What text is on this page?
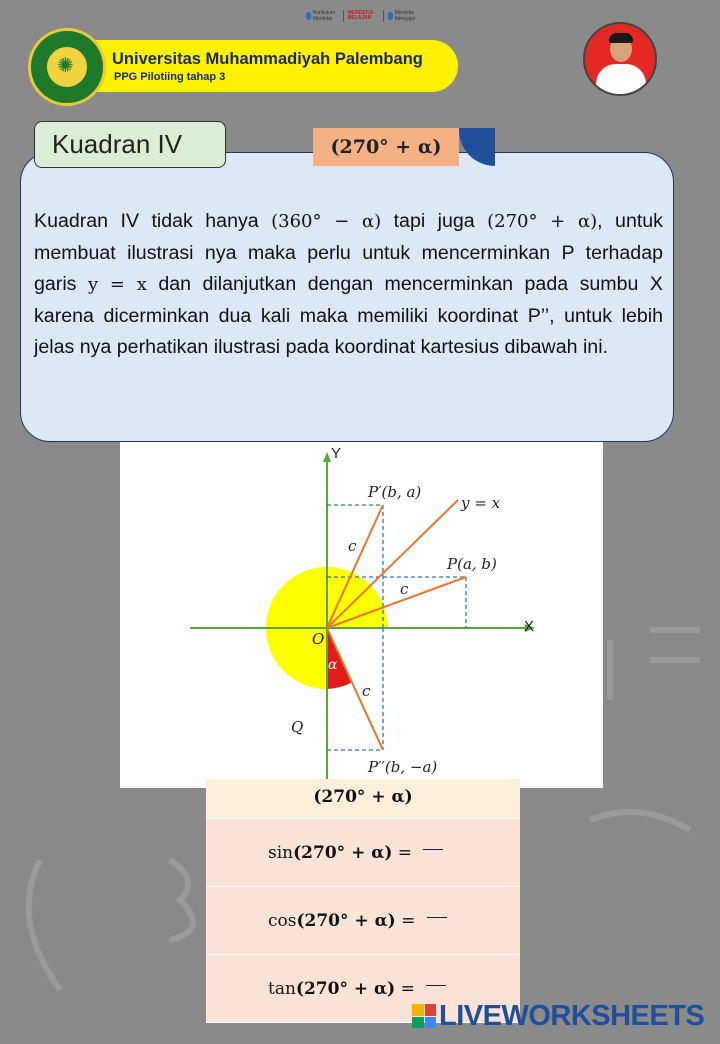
Kurikulum Merdeka
MERDEKA BELAJAR
Merdeka Mengajar
✺ Universitas Muhammadiyah Palembang
PPG Pilotiing tahap 3
Kuadran IV	(270° + α)
Kuadran IV tidak hanya (360° − α) tapi juga (270° + α), untuk membuat ilustrasi nya maka perlu untuk mencerminkan P terhadap garis y = x dan dilanjutkan dengan mencerminkan pada sumbu X karena dicerminkan dua kali maka memiliki koordinat P’’, untuk lebih jelas nya perhatikan ilustrasi pada koordinat kartesius dibawah ini.
Y
X
O
P′(b, a)
y = x
P(a, b)
P′′(b, −a)
c
c
c
α
Q
(270° + α)
sin(270° + α) =
cos(270° + α) =
tan(270° + α) =
LIVEWORKSHEETS
